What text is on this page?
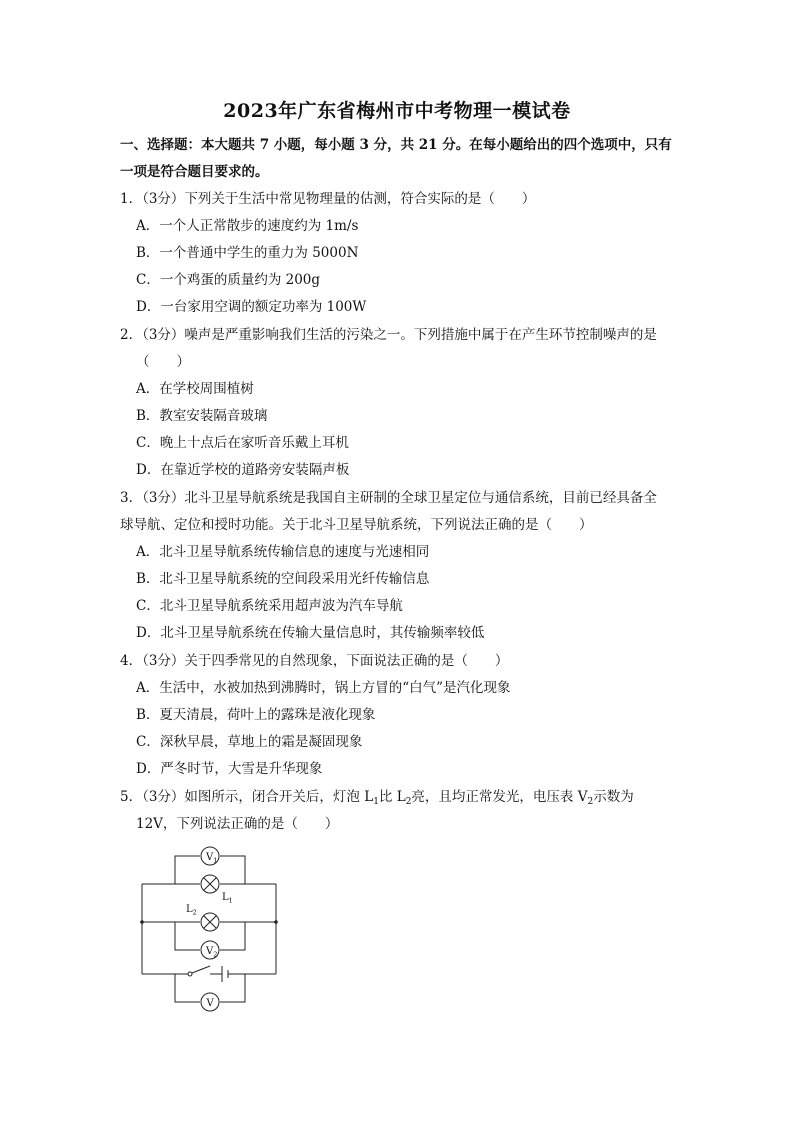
2023年广东省梅州市中考物理一模试卷
一、选择题：本大题共 7 小题，每小题 3 分，共 21 分。在每小题给出的四个选项中，只有
一项是符合题目要求的。
1．（3分）下列关于生活中常见物理量的估测，符合实际的是（　　）
A．一个人正常散步的速度约为 1m/s
B．一个普通中学生的重力为 5000N
C．一个鸡蛋的质量约为 200g
D．一台家用空调的额定功率为 100W
2．（3分）噪声是严重影响我们生活的污染之一。下列措施中属于在产生环节控制噪声的是
（　　）
A．在学校周围植树
B．教室安装隔音玻璃
C．晚上十点后在家听音乐戴上耳机
D．在靠近学校的道路旁安装隔声板
3．（3分）北斗卫星导航系统是我国自主研制的全球卫星定位与通信系统，目前已经具备全
球导航、定位和授时功能。关于北斗卫星导航系统，下列说法正确的是（　　）
A．北斗卫星导航系统传输信息的速度与光速相同
B．北斗卫星导航系统的空间段采用光纤传输信息
C．北斗卫星导航系统采用超声波为汽车导航
D．北斗卫星导航系统在传输大量信息时，其传输频率较低
4．（3分）关于四季常见的自然现象，下面说法正确的是（　　）
A．生活中，水被加热到沸腾时，锅上方冒的“白气”是汽化现象
B．夏天清晨，荷叶上的露珠是液化现象
C．深秋早晨，草地上的霜是凝固现象
D．严冬时节，大雪是升华现象
5．（3分）如图所示，闭合开关后，灯泡 $L_1$比 $L_2$亮，且均正常发光，电压表 $V_2$示数为
12V，下列说法正确的是（　　）
$V_1$
$L_1$
$L_2$
$V_2$
V
